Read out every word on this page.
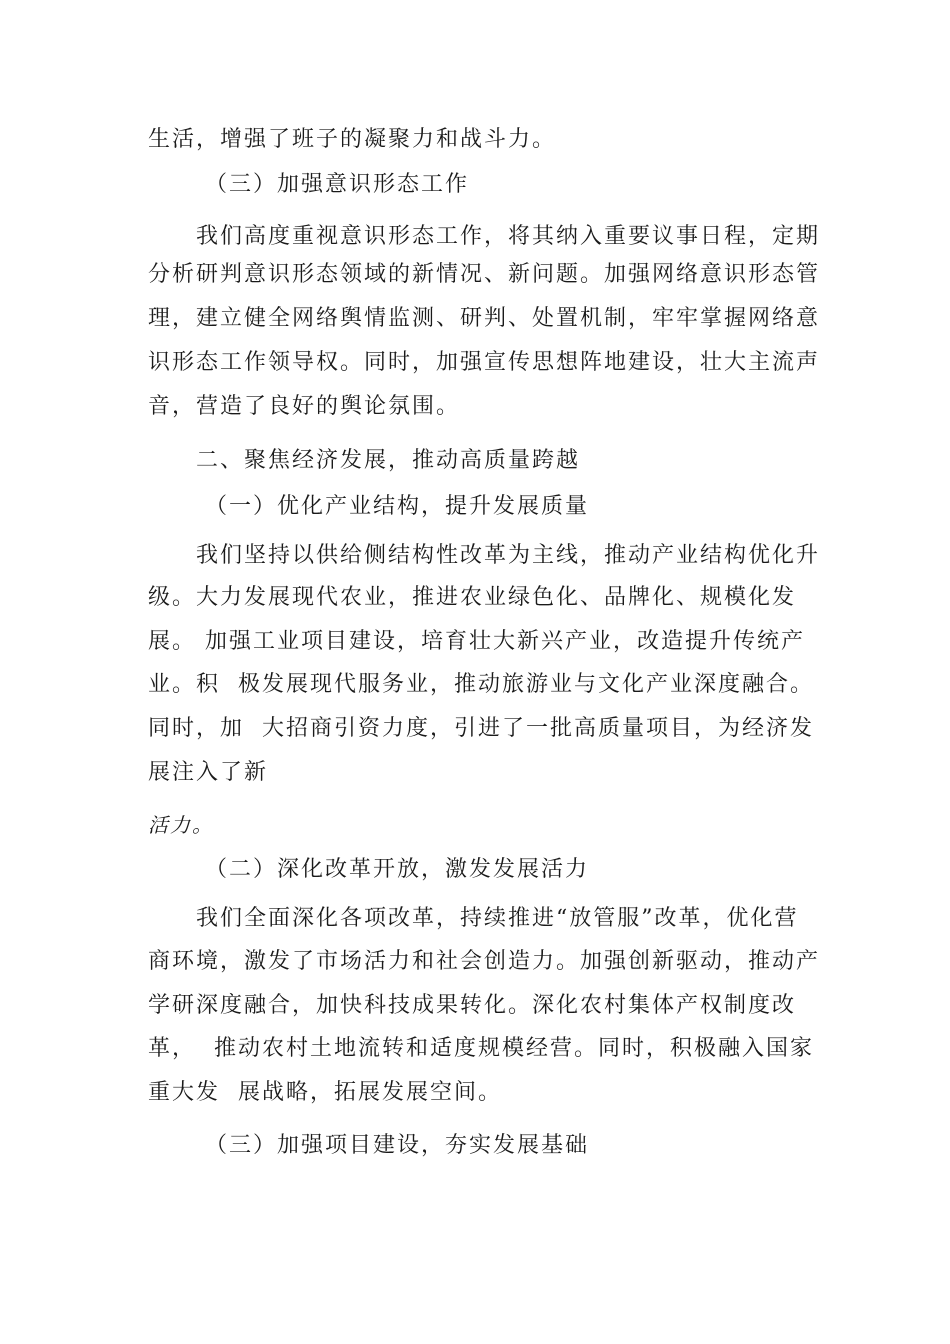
生活，增强了班子的凝聚力和战斗力。
（三）加强意识形态工作
我们高度重视意识形态工作，将其纳入重要议事日程，定期
分析研判意识形态领域的新情况、新问题。加强网络意识形态管
理，建立健全网络舆情监测、研判、处置机制，牢牢掌握网络意
识形态工作领导权。同时，加强宣传思想阵地建设，壮大主流声
音，营造了良好的舆论氛围。
二、聚焦经济发展，推动高质量跨越
（一）优化产业结构，提升发展质量
我们坚持以供给侧结构性改革为主线，推动产业结构优化升
级。大力发展现代农业，推进农业绿色化、品牌化、规模化发
展。 加强工业项目建设，培育壮大新兴产业，改造提升传统产
业。积  极发展现代服务业，推动旅游业与文化产业深度融合。
同时，加  大招商引资力度，引进了一批高质量项目，为经济发
展注入了新
活力。
（二）深化改革开放，激发发展活力
我们全面深化各项改革，持续推进“放管服”改革，优化营
商环境，激发了市场活力和社会创造力。加强创新驱动，推动产
学研深度融合，加快科技成果转化。深化农村集体产权制度改
革，  推动农村土地流转和适度规模经营。同时，积极融入国家
重大发  展战略，拓展发展空间。
（三）加强项目建设，夯实发展基础
